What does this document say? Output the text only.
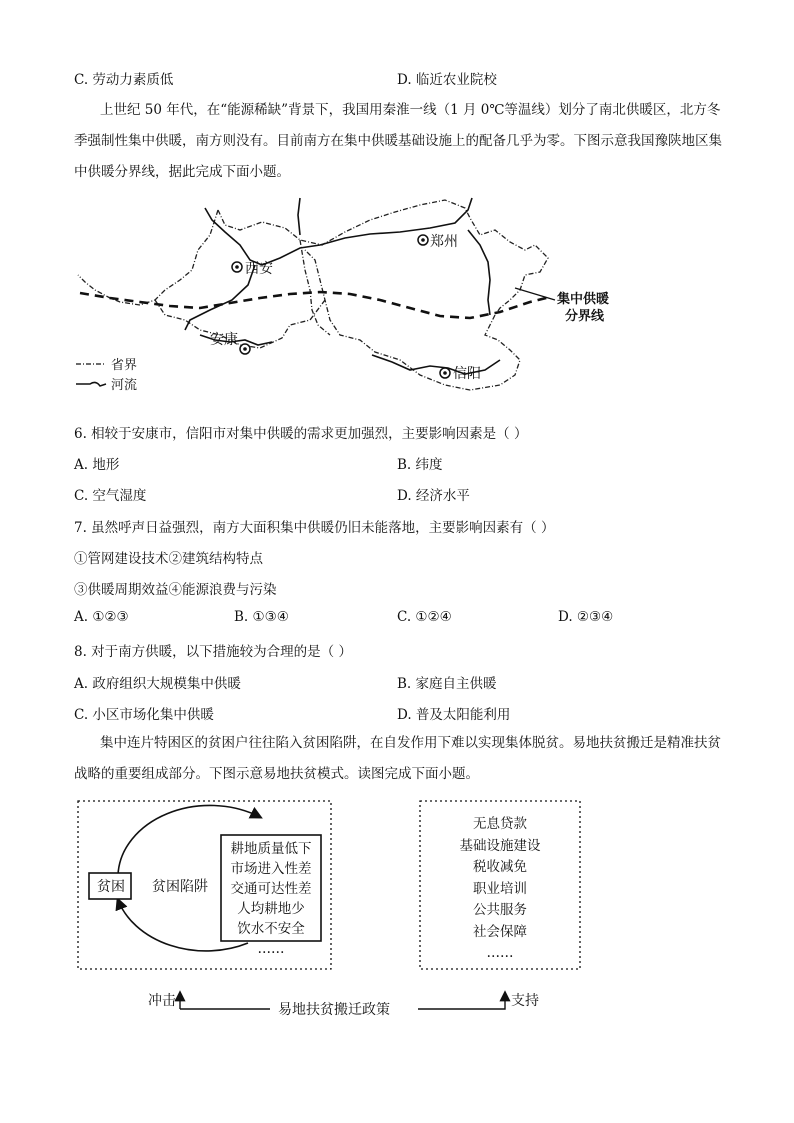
C. 劳动力素质低	D. 临近农业院校
上世纪 50 年代，在“能源稀缺”背景下，我国用秦淮一线（1 月 0℃等温线）划分了南北供暖区，北方冬季强制性集中供暖，南方则没有。目前南方在集中供暖基础设施上的配备几乎为零。下图示意我国豫陕地区集中供暖分界线，据此完成下面小题。
郑州
西安
安康
信阳
集中供暖
分界线
省界
河流
6. 相较于安康市，信阳市对集中供暖的需求更加强烈，主要影响因素是（ ）
A. 地形	B. 纬度
C. 空气湿度	D. 经济水平
7. 虽然呼声日益强烈，南方大面积集中供暖仍旧未能落地，主要影响因素有（ ）
①管网建设技术②建筑结构特点
③供暖周期效益④能源浪费与污染
A. ①②③	B. ①③④	C. ①②④	D. ②③④
8. 对于南方供暖，以下措施较为合理的是（ ）
A. 政府组织大规模集中供暖	B. 家庭自主供暖
C. 小区市场化集中供暖	D. 普及太阳能利用
集中连片特困区的贫困户往往陷入贫困陷阱，在自发作用下难以实现集体脱贫。易地扶贫搬迁是精准扶贫战略的重要组成部分。下图示意易地扶贫模式。读图完成下面小题。
冲击
易地扶贫搬迁政策
支持
贫困 贫困陷阱
耕地质量低下
市场进入性差
交通可达性差
人均耕地少
饮水不安全
……
无息贷款
基础设施建设
税收减免
职业培训
公共服务
社会保障
……
